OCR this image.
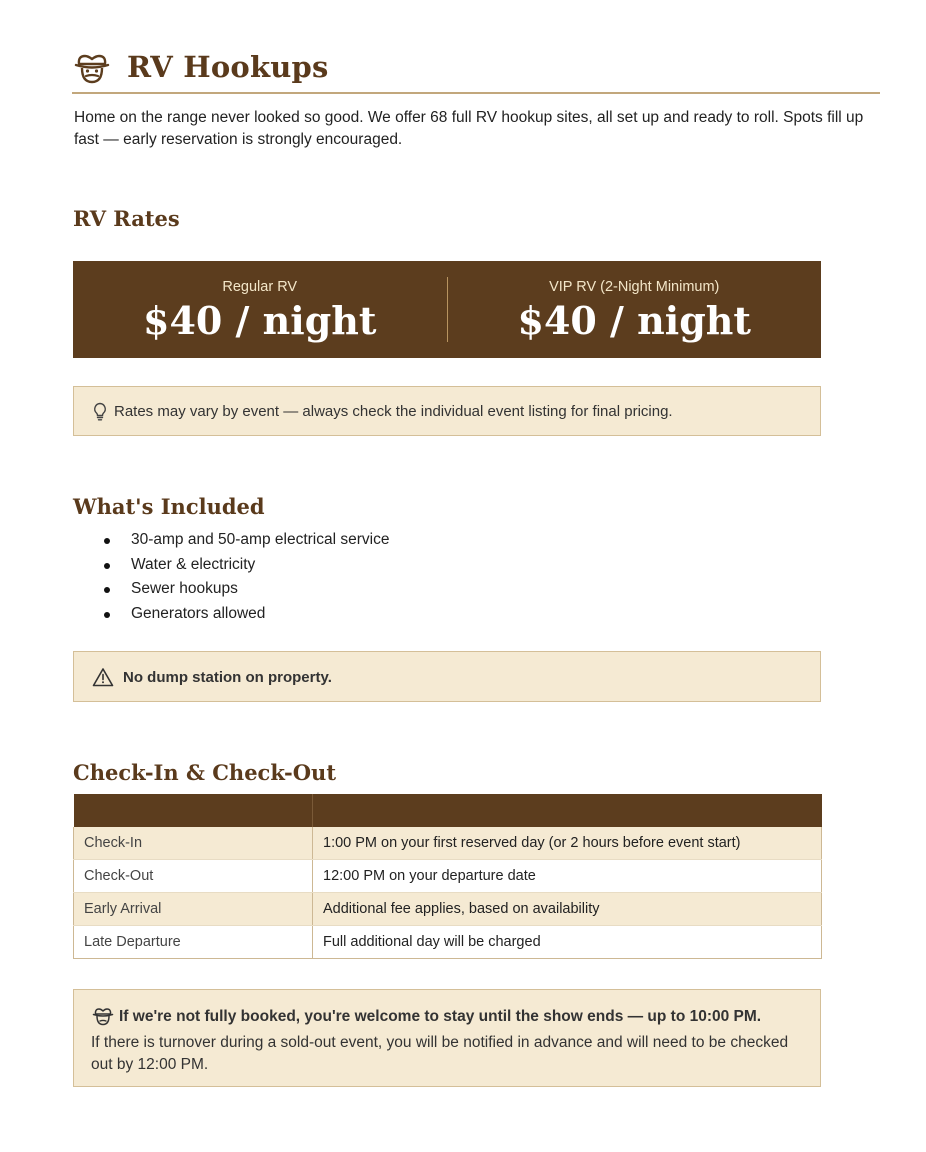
RV Hookups

Home on the range never looked so good. We offer 68 full RV hookup sites, all set up and ready to roll. Spots fill up fast — early reservation is strongly encouraged.

RV Rates
Regular RV
$40 / night
VIP RV (2-Night Minimum)
$40 / night
Rates may vary by event — always check the individual event listing for final pricing.
What's Included
30-amp and 50-amp electrical service
Water & electricity
Sewer hookups
Generators allowed
No dump station on property.
Check-In & Check-Out

Check-In	1:00 PM on your first reserved day (or 2 hours before event start)
Check-Out	12:00 PM on your departure date
Early Arrival	Additional fee applies, based on availability
Late Departure	Full additional day will be charged
If we're not fully booked, you're welcome to stay until the show ends — up to 10:00 PM.
If there is turnover during a sold-out event, you will be notified in advance and will need to be checked out by 12:00 PM.
